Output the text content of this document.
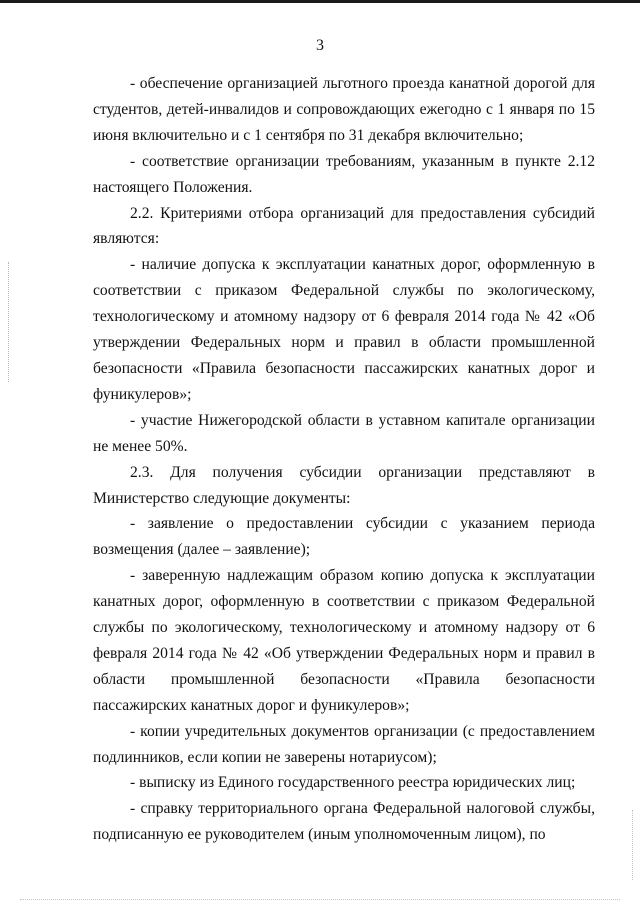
3

- обеспечение организацией льготного проезда канатной дорогой для студентов, детей-инвалидов и сопровождающих ежегодно с 1 января по 15 июня включительно и с 1 сентября по 31 декабря включительно;

- соответствие организации требованиям, указанным в пункте 2.12 настоящего Положения.

2.2. Критериями отбора организаций для предоставления субсидий являются:

- наличие допуска к эксплуатации канатных дорог, оформленную в соответствии с приказом Федеральной службы по экологическому, технологическому и атомному надзору от 6 февраля 2014 года № 42 «Об утверждении Федеральных норм и правил в области промышленной безопасности «Правила безопасности пассажирских канатных дорог и фуникулеров»;

- участие Нижегородской области в уставном капитале организации не менее 50%.

2.3. Для получения субсидии организации представляют в Министерство следующие документы:

- заявление о предоставлении субсидии с указанием периода возмещения (далее – заявление);

- заверенную надлежащим образом копию допуска к эксплуатации канатных дорог, оформленную в соответствии с приказом Федеральной службы по экологическому, технологическому и атомному надзору от 6 февраля 2014 года № 42 «Об утверждении Федеральных норм и правил в области промышленной безопасности «Правила безопасности пассажирских канатных дорог и фуникулеров»;

- копии учредительных документов организации (с предоставлением подлинников, если копии не заверены нотариусом);

- выписку из Единого государственного реестра юридических лиц;

- справку территориального органа Федеральной налоговой службы, подписанную ее руководителем (иным уполномоченным лицом), по
